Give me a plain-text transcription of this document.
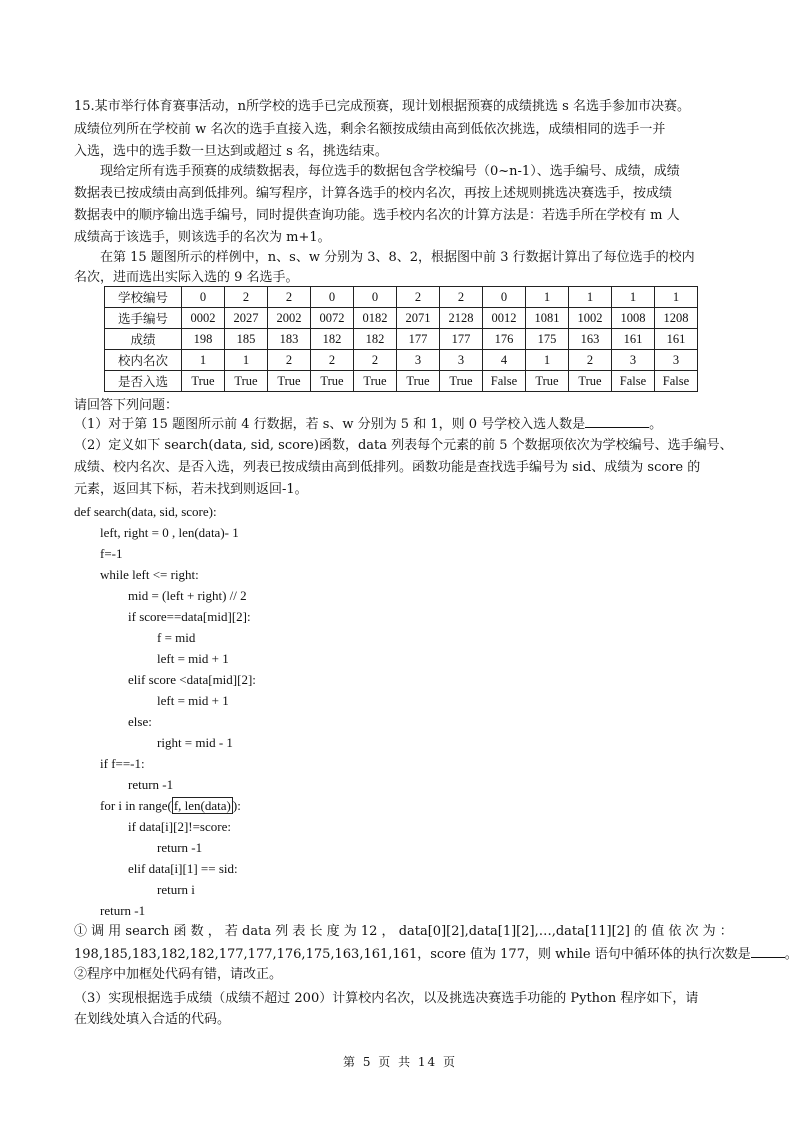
15.某市举行体育赛事活动，n所学校的选手已完成预赛，现计划根据预赛的成绩挑选 s 名选手参加市决赛。
成绩位列所在学校前 w 名次的选手直接入选，剩余名额按成绩由高到低依次挑选，成绩相同的选手一并
入选，选中的选手数一旦达到或超过 s 名，挑选结束。
现给定所有选手预赛的成绩数据表，每位选手的数据包含学校编号（0~n-1）、选手编号、成绩，成绩
数据表已按成绩由高到低排列。编写程序，计算各选手的校内名次，再按上述规则挑选决赛选手，按成绩
数据表中的顺序输出选手编号，同时提供查询功能。选手校内名次的计算方法是：若选手所在学校有 m 人
成绩高于该选手，则该选手的名次为 m+1。
在第 15 题图所示的样例中，n、s、w 分别为 3、8、2，根据图中前 3 行数据计算出了每位选手的校内
名次，进而选出实际入选的 9 名选手。
学校编号	0	2	2	0	0	2	2	0	1	1	1	1
选手编号	0002	2027	2002	0072	0182	2071	2128	0012	1081	1002	1008	1208
成绩	198	185	183	182	182	177	177	176	175	163	161	161
校内名次	1	1	2	2	2	3	3	4	1	2	3	3
是否入选	True	True	True	True	True	True	True	False	True	True	False	False
请回答下列问题：
（1）对于第 15 题图所示前 4 行数据，若 s、w 分别为 5 和 1，则 0 号学校入选人数是	。
（2）定义如下 search(data, sid, score)函数，data 列表每个元素的前 5 个数据项依次为学校编号、选手编号、
成绩、校内名次、是否入选，列表已按成绩由高到低排列。函数功能是查找选手编号为 sid、成绩为 score 的
元素，返回其下标，若未找到则返回-1。
def search(data, sid, score):
left, right = 0 , len(data)- 1
f=-1
while left <= right:
mid = (left + right) // 2
if score==data[mid][2]:
f = mid
left = mid + 1
elif score <data[mid][2]:
left = mid + 1
else:
right = mid - 1
if f==-1:
return -1
for i in range( f, len(data) ):
if data[i][2]!=score:
return -1
elif data[i][1] == sid:
return i
return -1
① 调 用 search 函 数 ， 若 data 列 表 长 度 为 12 ， data[0][2],data[1][2],…,data[11][2] 的 值 依 次 为 ：
198,185,183,182,182,177,177,176,175,163,161,161，score 值为 177，则 while 语句中循环体的执行次数是	。
②程序中加框处代码有错，请改正。
（3）实现根据选手成绩（成绩不超过 200）计算校内名次，以及挑选决赛选手功能的 Python 程序如下，请
在划线处填入合适的代码。
第 5 页 共 14 页
